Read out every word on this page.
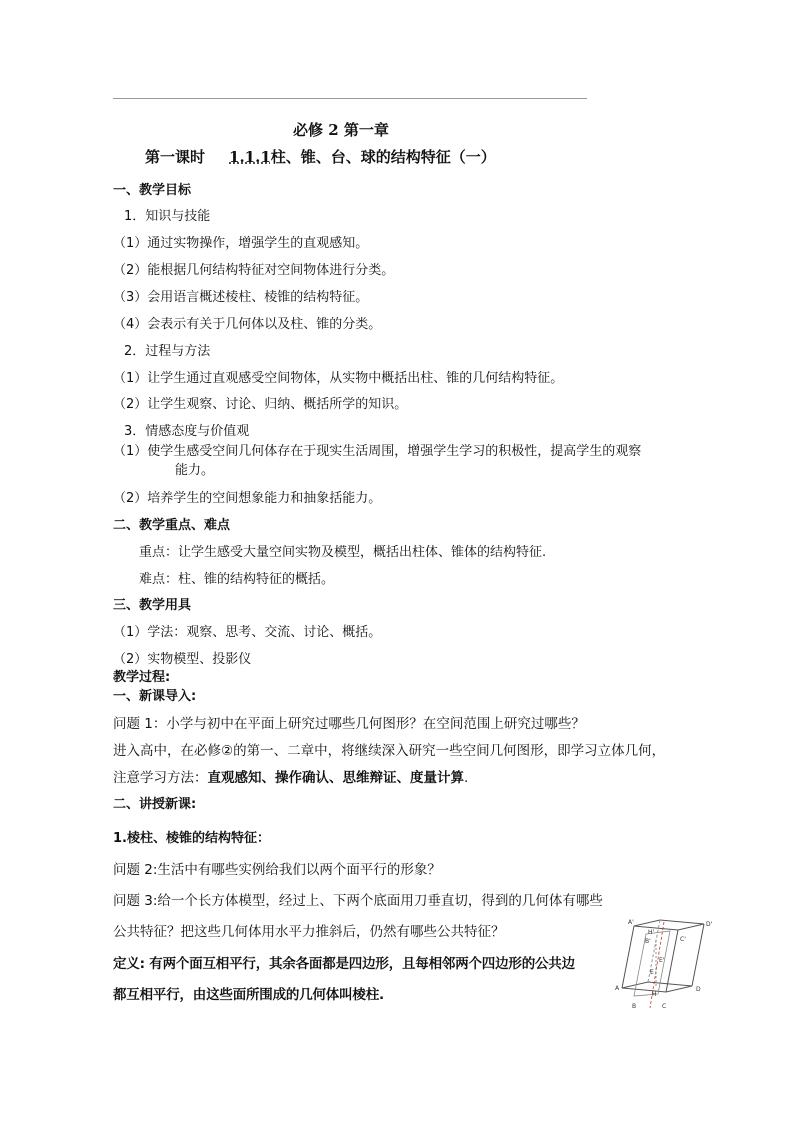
必修 2 第一章
第一课时 1.1.1柱、锥、台、球的结构特征（一）
一、教学目标
1．知识与技能
（1）通过实物操作，增强学生的直观感知。
（2）能根据几何结构特征对空间物体进行分类。
（3）会用语言概述棱柱、棱锥的结构特征。
（4）会表示有关于几何体以及柱、锥的分类。
2．过程与方法
（1）让学生通过直观感受空间物体，从实物中概括出柱、锥的几何结构特征。
（2）让学生观察、讨论、归纳、概括所学的知识。
3．情感态度与价值观
（1）使学生感受空间几何体存在于现实生活周围，增强学生学习的积极性，提高学生的观察
能力。
（2）培养学生的空间想象能力和抽象括能力。
二、教学重点、难点
重点：让学生感受大量空间实物及模型，概括出柱体、锥体的结构特征.
难点：柱、锥的结构特征的概括。
三、教学用具
（1）学法：观察、思考、交流、讨论、概括。
（2）实物模型、投影仪
教学过程:
一、新课导入:
问题 1：小学与初中在平面上研究过哪些几何图形？在空间范围上研究过哪些？
进入高中，在必修②的第一、二章中，将继续深入研究一些空间几何图形，即学习立体几何，
注意学习方法：直观感知、操作确认、思维辩证、度量计算.
二、讲授新课:
1.棱柱、棱锥的结构特征：
问题 2:生活中有哪些实例给我们以两个面平行的形象？
问题 3:给一个长方体模型，经过上、下两个底面用刀垂直切，得到的几何体有哪些
公共特征？把这些几何体用水平力推斜后，仍然有哪些公共特征？
定义: 有两个面互相平行，其余各面都是四边形，且每相邻两个四边形的公共边
都互相平行，由这些面所围成的几何体叫棱柱.
A'
B'	C'
D'
E'
E
A
B	C
D
H
H'
